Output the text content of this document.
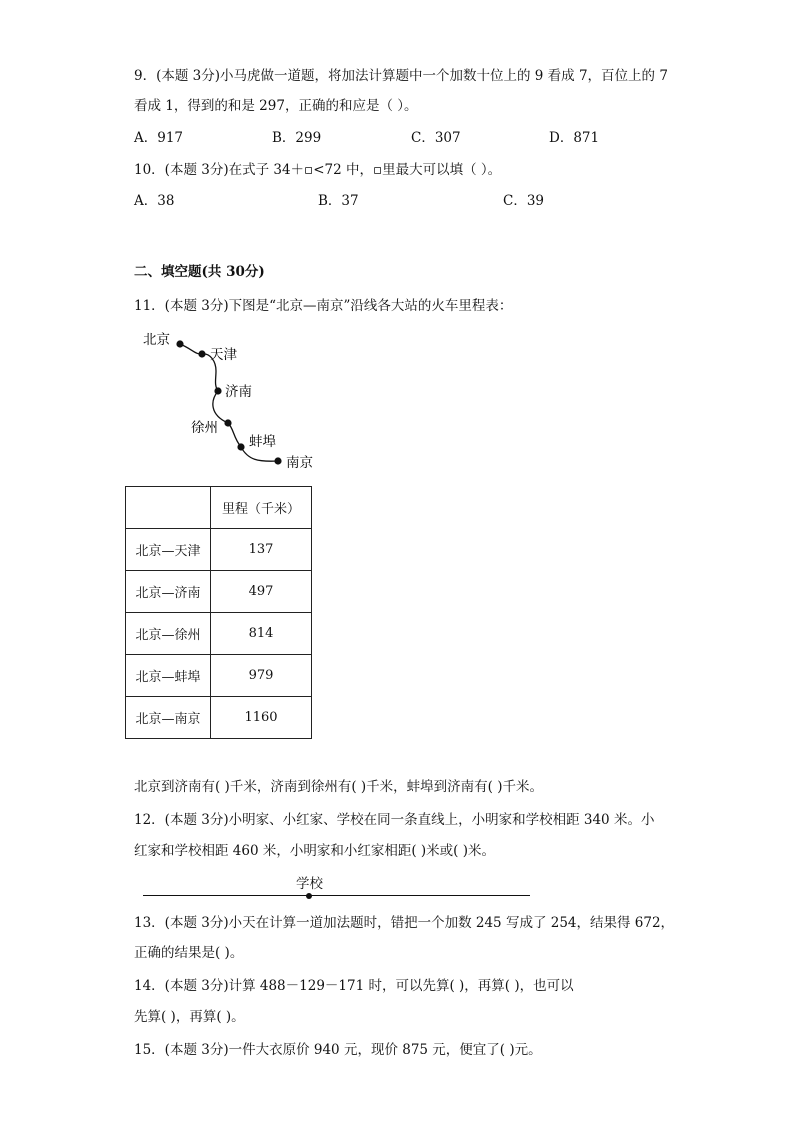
9．(本题 3分)小马虎做一道题，将加法计算题中一个加数十位上的 9 看成 7，百位上的 7
看成 1，得到的和是 297，正确的和应是（ ）。
A．917	B．299	C．307	D．871
10．(本题 3分)在式子 34＋▫<72 中，▫里最大可以填（ ）。
A．38	B．37	C．39
二、填空题(共 30分)
11．(本题 3分)下图是“北京—南京”沿线各大站的火车里程表：
北京
天津
济南
徐州
蚌埠
南京
	里程（千米）
北京—天津	137
北京—济南	497
北京—徐州	814
北京—蚌埠	979
北京—南京	1160
北京到济南有( )千米，济南到徐州有( )千米，蚌埠到济南有( )千米。
12．(本题 3分)小明家、小红家、学校在同一条直线上，小明家和学校相距 340 米。小
红家和学校相距 460 米，小明家和小红家相距( )米或( )米。
学校
13．(本题 3分)小天在计算一道加法题时，错把一个加数 245 写成了 254，结果得 672，
正确的结果是( )。
14．(本题 3分)计算 488－129－171 时，可以先算( )，再算( )，也可以
先算( )，再算( )。
15．(本题 3分)一件大衣原价 940 元，现价 875 元，便宜了( )元。
